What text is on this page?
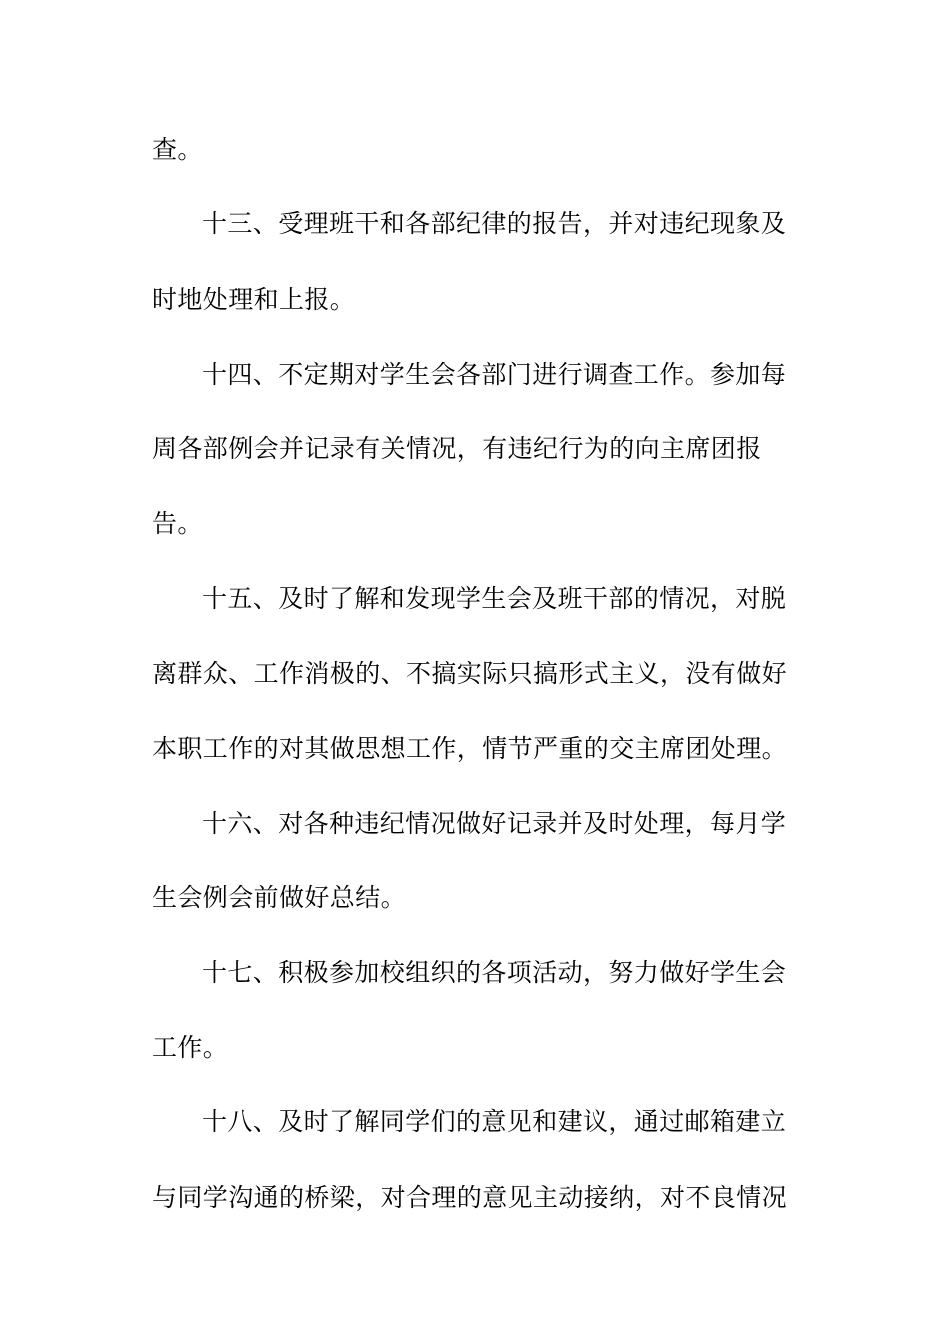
查。
十三、受理班干和各部纪律的报告，并对违纪现象及
时地处理和上报。
十四、不定期对学生会各部门进行调查工作。参加每
周各部例会并记录有关情况，有违纪行为的向主席团报
告。
十五、及时了解和发现学生会及班干部的情况，对脱
离群众、工作消极的、不搞实际只搞形式主义，没有做好
本职工作的对其做思想工作，情节严重的交主席团处理。
十六、对各种违纪情况做好记录并及时处理，每月学
生会例会前做好总结。
十七、积极参加校组织的各项活动，努力做好学生会
工作。
十八、及时了解同学们的意见和建议，通过邮箱建立
与同学沟通的桥梁，对合理的意见主动接纳，对不良情况
